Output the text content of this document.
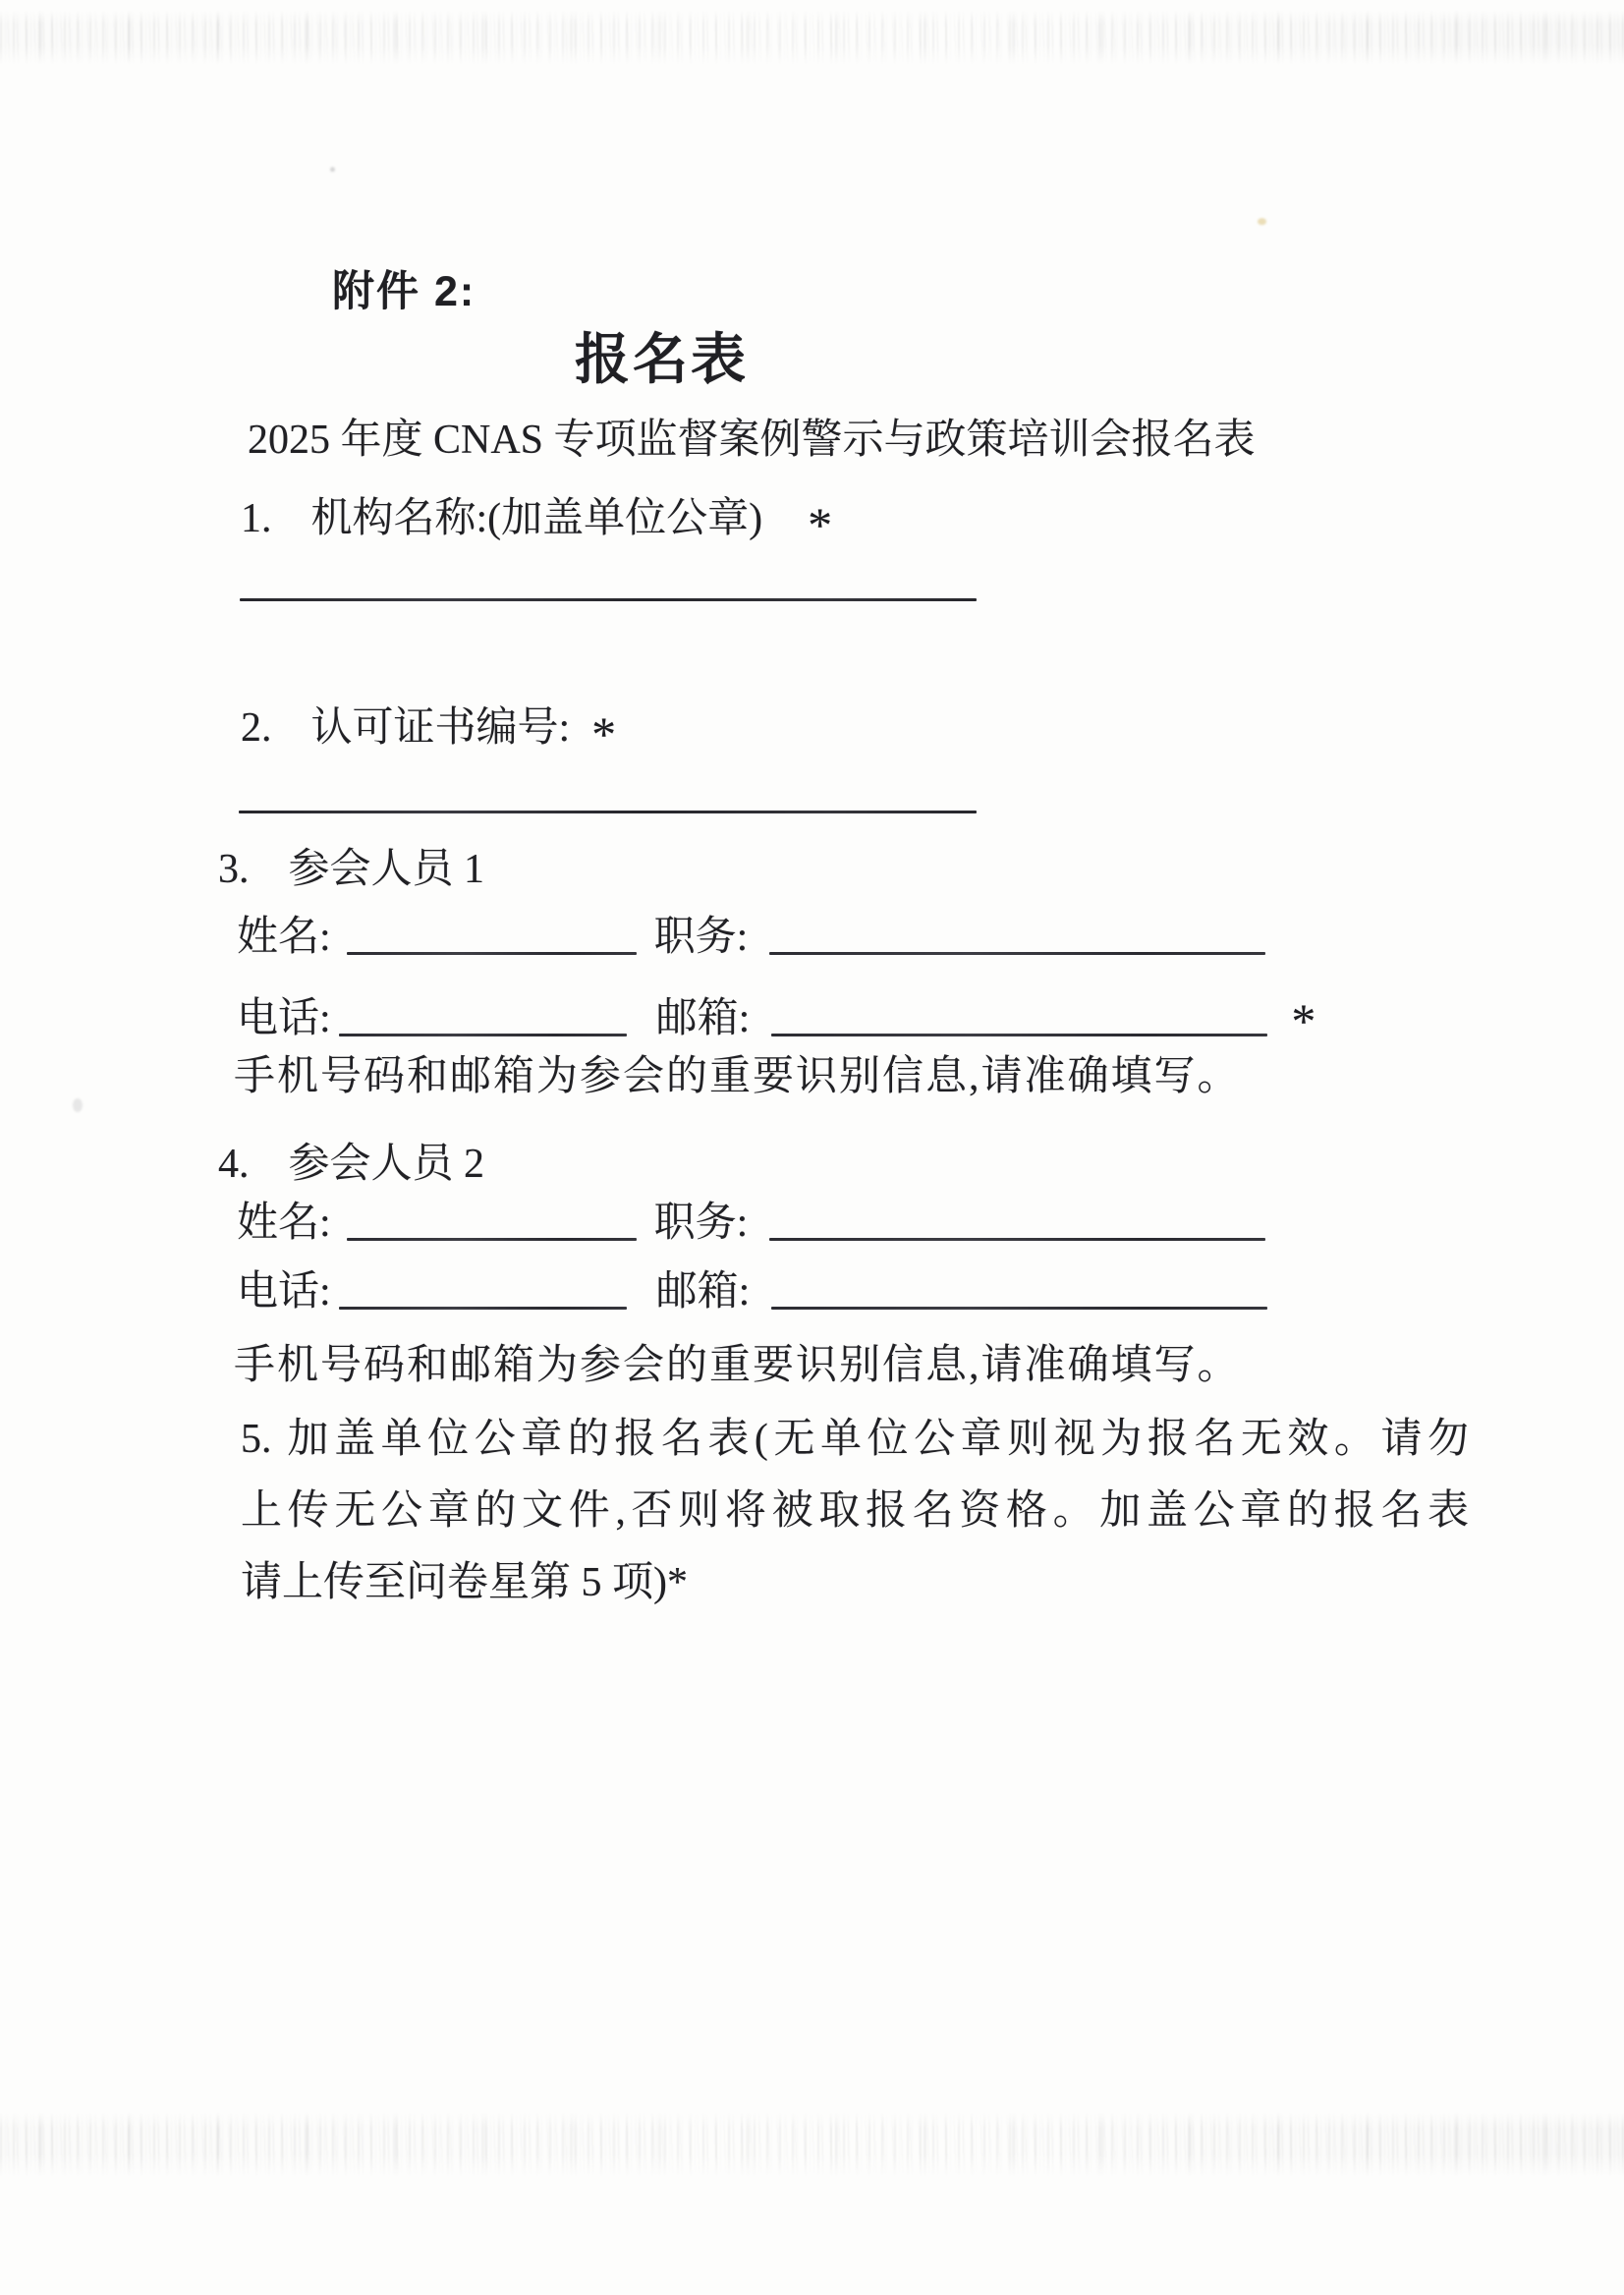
附件 2:
报名表
2025 年度 CNAS 专项监督案例警示与政策培训会报名表
1. 机构名称:(加盖单位公章) *
2. 认可证书编号: *
3. 参会人员 1
姓名:	职务:
电话:	邮箱:	*
手机号码和邮箱为参会的重要识别信息,请准确填写。
4. 参会人员 2
姓名:	职务:
电话:	邮箱:
手机号码和邮箱为参会的重要识别信息,请准确填写。
5. 加盖单位公章的报名表(无单位公章则视为报名无效。请勿
上传无公章的文件,否则将被取报名资格。加盖公章的报名表
请上传至问卷星第 5 项)*
